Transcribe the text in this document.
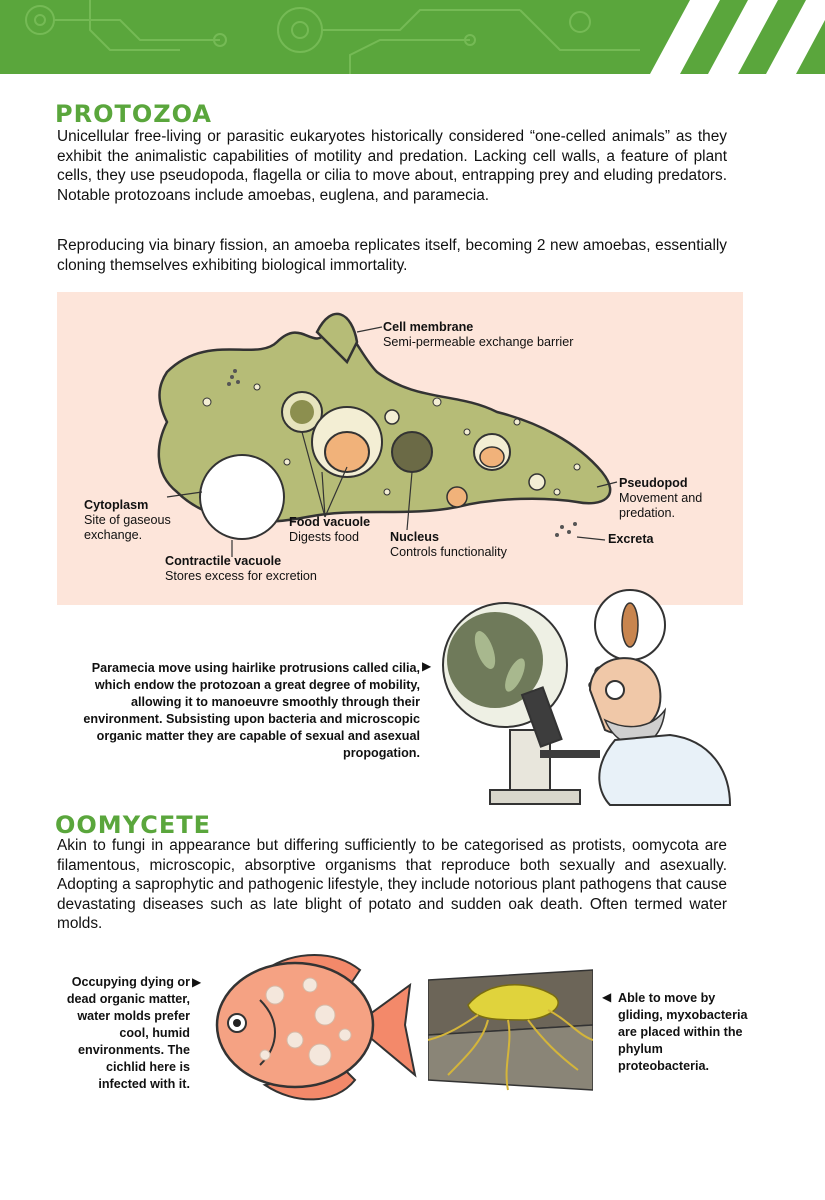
PROTOZOA

Unicellular free-living or parasitic eukaryotes historically considered “one-celled animals” as they exhibit the animalistic capabilities of motility and predation. Lacking cell walls, a feature of plant cells, they use pseudopoda, flagella or cilia to move about, entrapping prey and eluding predators. Notable protozoans include amoebas, euglena, and paramecia.

Reproducing via binary fission, an amoeba replicates itself, becoming 2 new amoebas, essentially cloning themselves exhibiting biological immortality.

Cell membrane
Semi-permeable exchange barrier
Pseudopod
Movement and predation.
Excreta
Cytoplasm
Site of gaseous exchange.
Food vacuole
Digests food	Nucleus
Controls functionality
Contractile vacuole
Stores excess for excretion
Paramecia move using hairlike protrusions called cilia, which endow the protozoan a great degree of mobility, allowing it to manoeuvre smoothly through their environment. Subsisting upon bacteria and microscopic organic matter they are capable of sexual and asexual propogation.
▶
OOMYCETE

Akin to fungi in appearance but differing sufficiently to be categorised as protists, oomycota are filamentous, microscopic, absorptive organisms that reproduce both sexually and asexually. Adopting a saprophytic and pathogenic lifestyle, they include notorious plant pathogens that cause devastating diseases such as late blight of potato and sudden oak death. Often termed water molds.

Occupying dying or dead organic matter, water molds prefer cool, humid environments. The cichlid here is infected with it.
▶
◀ Able to move by gliding, myxobacteria are placed within the phylum proteobacteria.
